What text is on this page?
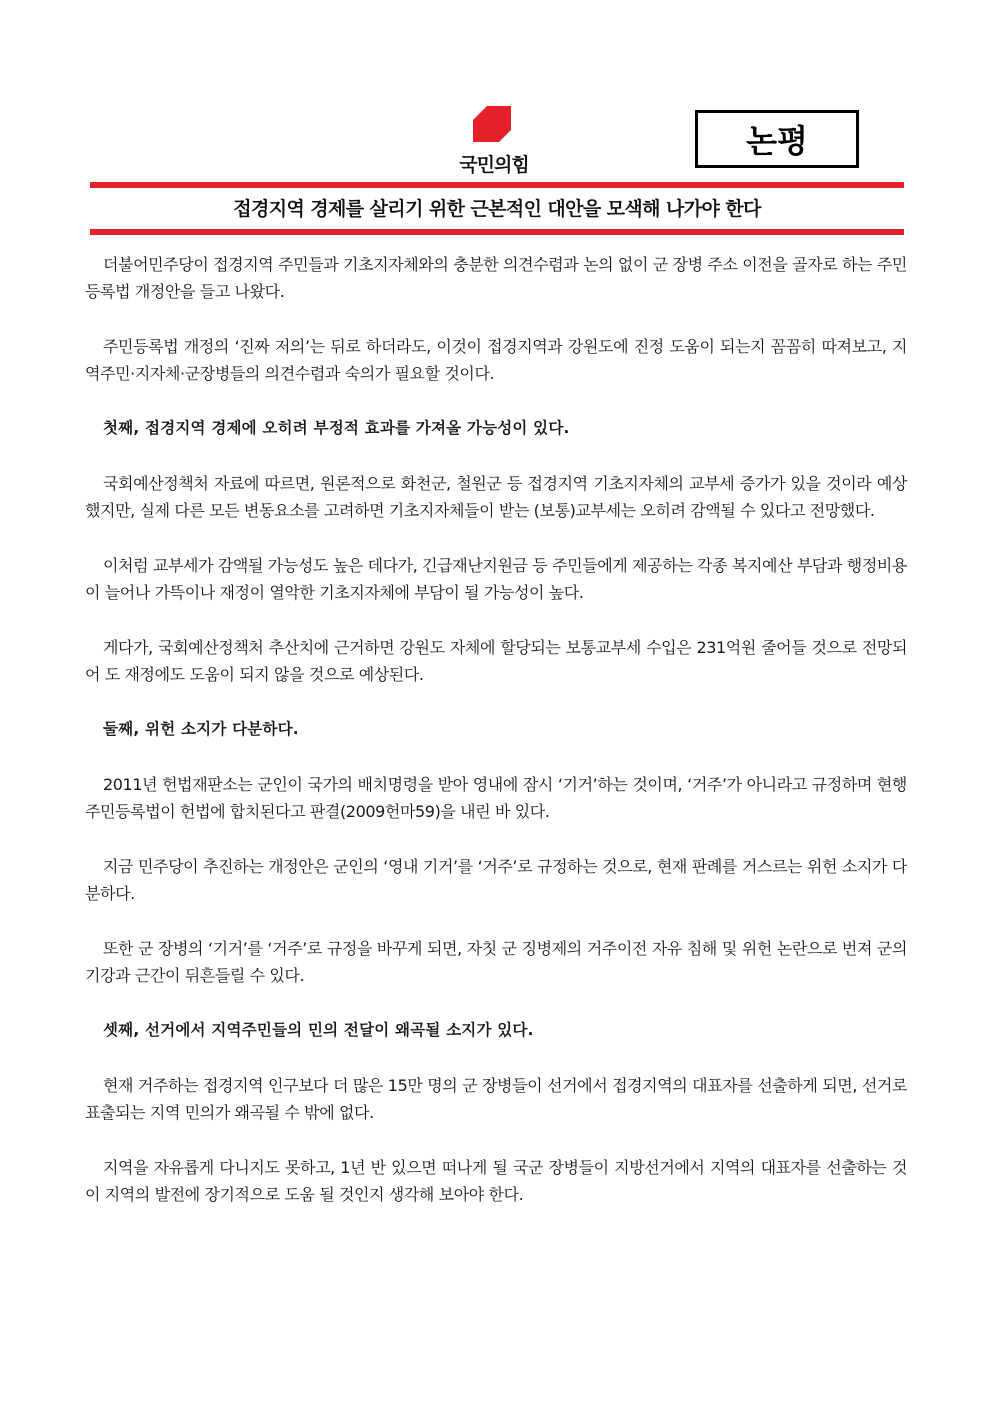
국민의힘
논평
접경지역 경제를 살리기 위한 근본적인 대안을 모색해 나가야 한다

더불어민주당이 접경지역 주민들과 기초지자체와의 충분한 의견수렴과 논의 없이 군 장병 주소 이전을 골자로 하는 주민등록법 개정안을 들고 나왔다.

주민등록법 개정의 ‘진짜 저의’는 뒤로 하더라도, 이것이 접경지역과 강원도에 진정 도움이 되는지 꼼꼼히 따져보고, 지역주민·지자체·군장병들의 의견수렴과 숙의가 필요할 것이다.

첫째, 접경지역 경제에 오히려 부정적 효과를 가져올 가능성이 있다.

국회예산정책처 자료에 따르면, 원론적으로 화천군, 철원군 등 접경지역 기초지자체의 교부세 증가가 있을 것이라 예상했지만, 실제 다른 모든 변동요소를 고려하면 기초지자체들이 받는 (보통)교부세는 오히려 감액될 수 있다고 전망했다.

이처럼 교부세가 감액될 가능성도 높은 데다가, 긴급재난지원금 등 주민들에게 제공하는 각종 복지예산 부담과 행정비용이 늘어나 가뜩이나 재정이 열악한 기초지자체에 부담이 될 가능성이 높다.

게다가, 국회예산정책처 추산치에 근거하면 강원도 자체에 할당되는 보통교부세 수입은 231억원 줄어들 것으로 전망되어 도 재정에도 도움이 되지 않을 것으로 예상된다.

둘째, 위헌 소지가 다분하다.

2011년 헌법재판소는 군인이 국가의 배치명령을 받아 영내에 잠시 ‘기거’하는 것이며, ‘거주’가 아니라고 규정하며 현행 주민등록법이 헌법에 합치된다고 판결(2009헌마59)을 내린 바 있다.

지금 민주당이 추진하는 개정안은 군인의 ‘영내 기거’를 ‘거주’로 규정하는 것으로, 현재 판례를 거스르는 위헌 소지가 다분하다.

또한 군 장병의 ‘기거’를 ‘거주’로 규정을 바꾸게 되면, 자칫 군 징병제의 거주이전 자유 침해 및 위헌 논란으로 번져 군의 기강과 근간이 뒤흔들릴 수 있다.

셋째, 선거에서 지역주민들의 민의 전달이 왜곡될 소지가 있다.

현재 거주하는 접경지역 인구보다 더 많은 15만 명의 군 장병들이 선거에서 접경지역의 대표자를 선출하게 되면, 선거로 표출되는 지역 민의가 왜곡될 수 밖에 없다.

지역을 자유롭게 다니지도 못하고, 1년 반 있으면 떠나게 될 국군 장병들이 지방선거에서 지역의 대표자를 선출하는 것이 지역의 발전에 장기적으로 도움 될 것인지 생각해 보아야 한다.
